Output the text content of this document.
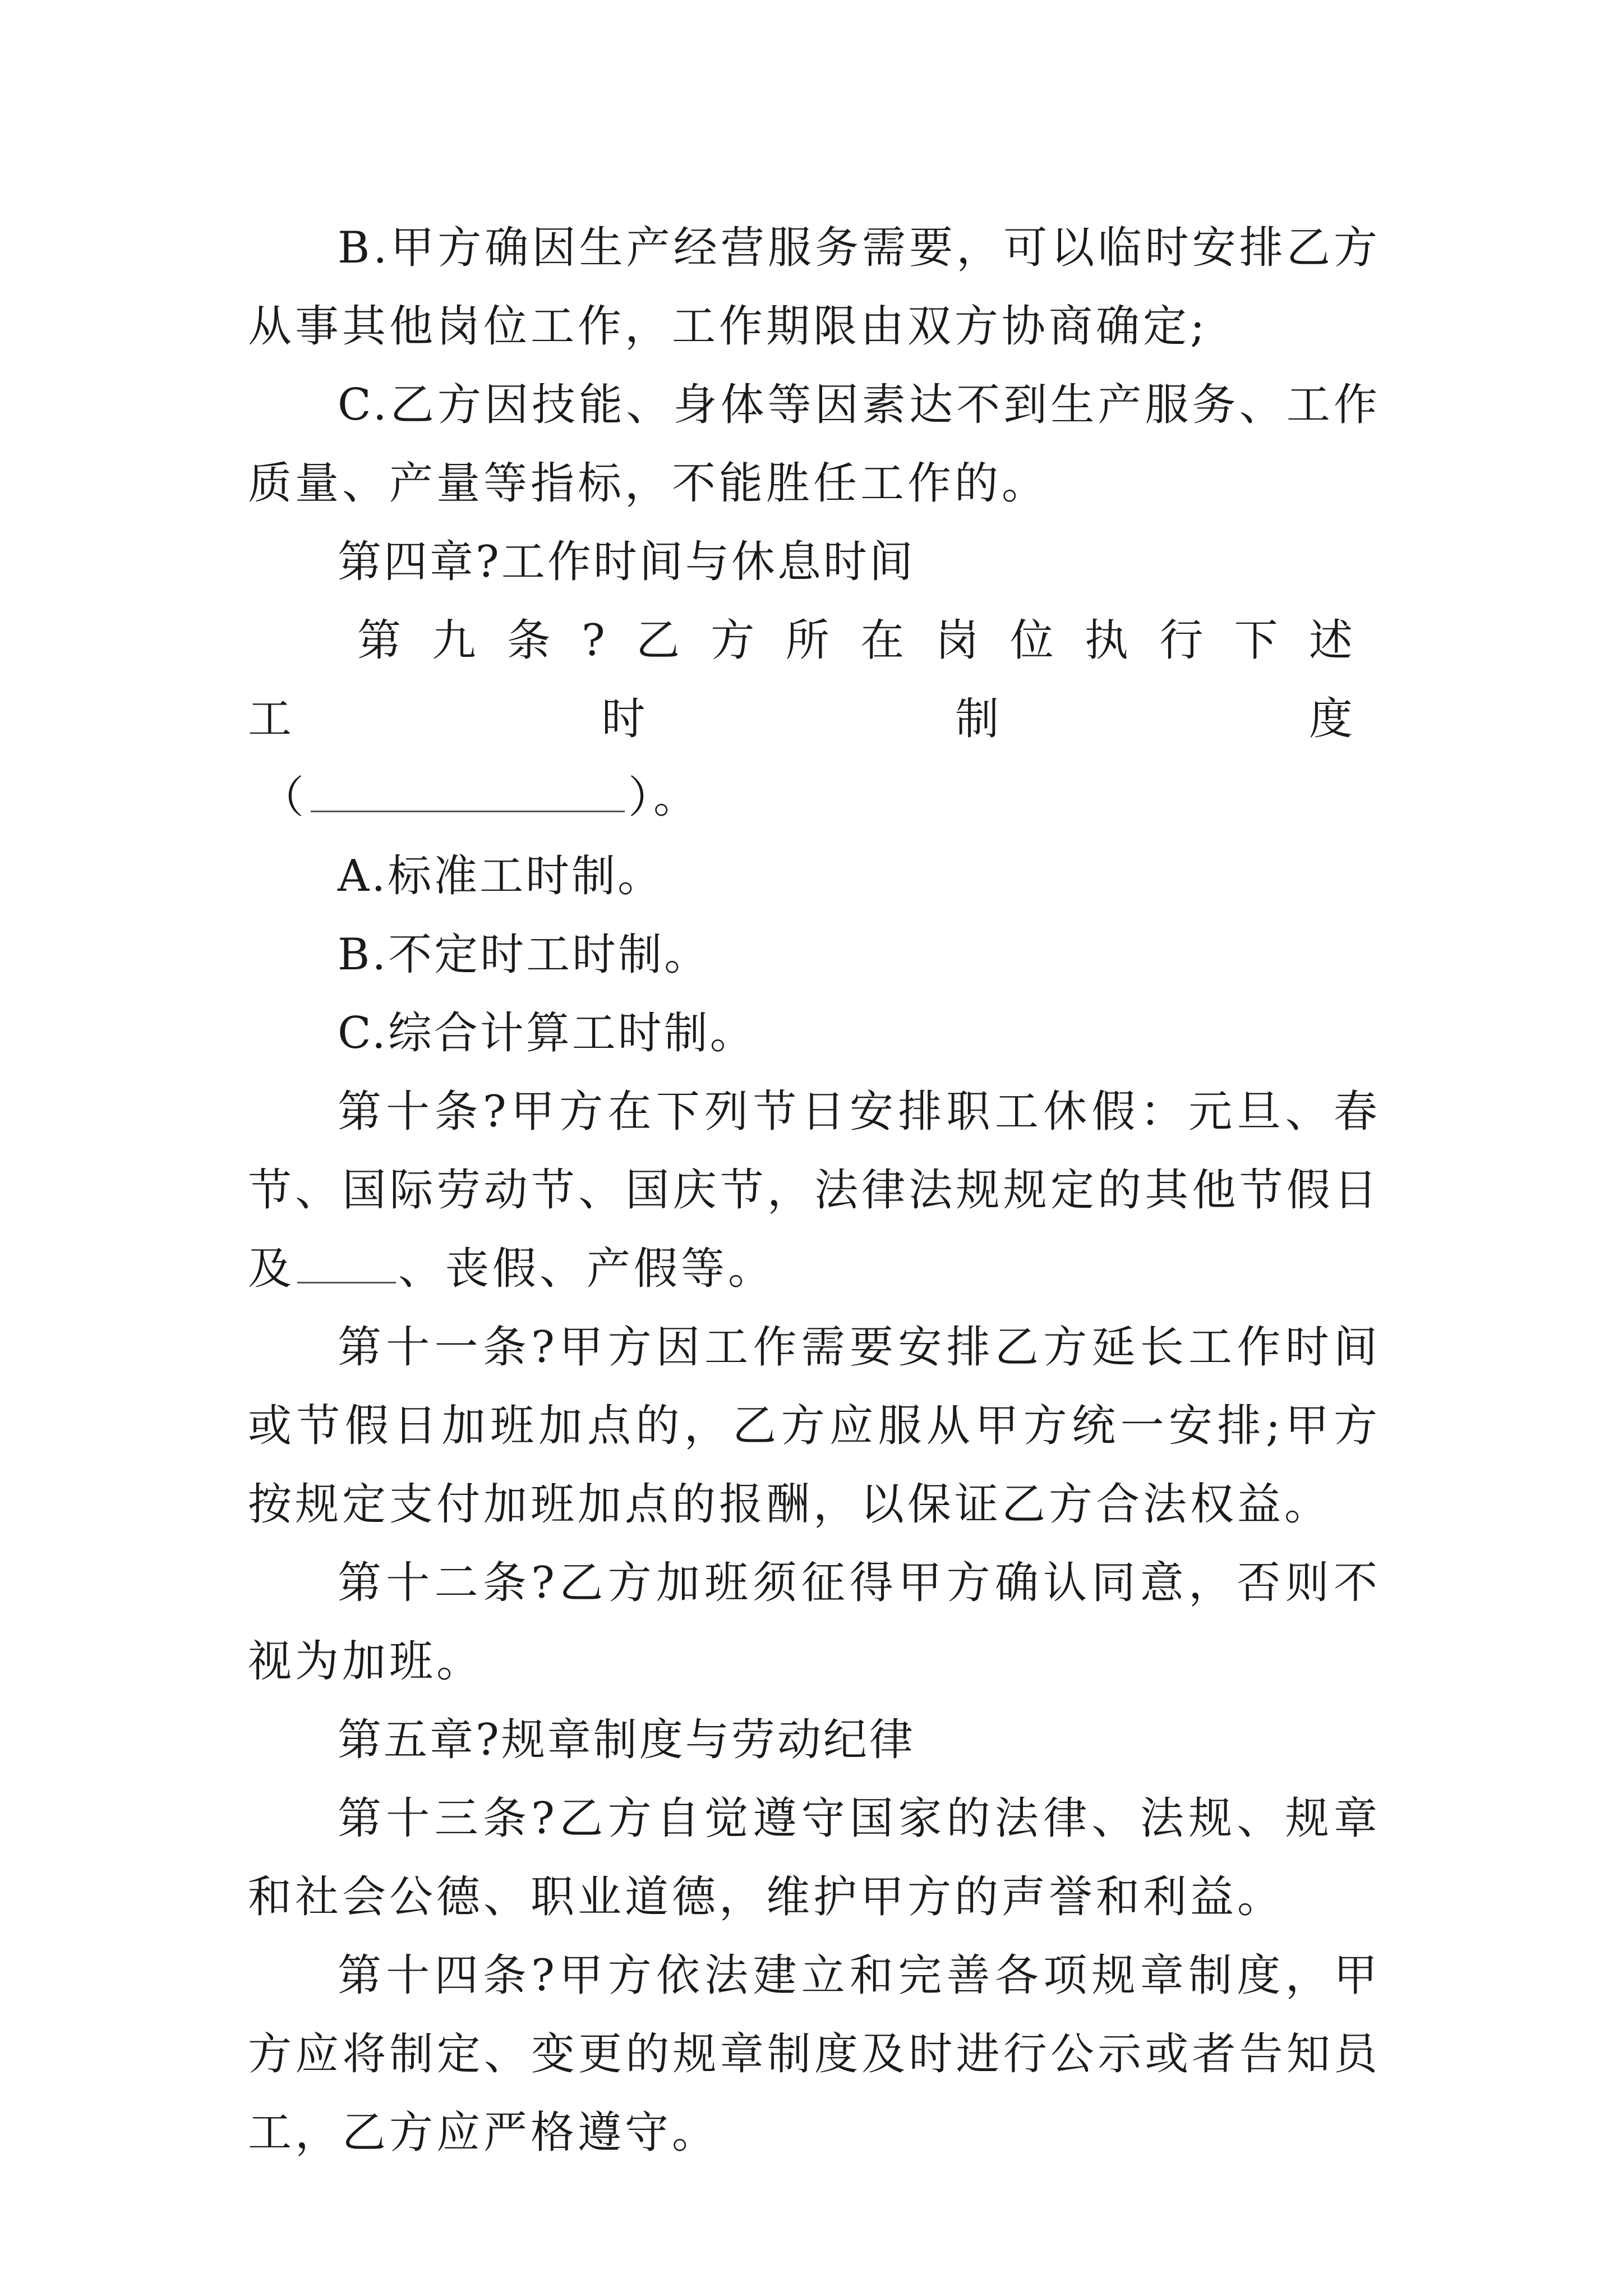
B.甲方确因生产经营服务需要，可以临时安排乙方从事其他岗位工作，工作期限由双方协商确定;

C.乙方因技能、身体等因素达不到生产服务、工作质量、产量等指标，不能胜任工作的。

第四章?工作时间与休息时间

第九条?乙方所在岗位执行下述工时制度

（	）。

A.标准工时制。

B.不定时工时制。

C.综合计算工时制。

第十条?甲方在下列节日安排职工休假：元旦、春节、国际劳动节、国庆节，法律法规规定的其他节假日及 、丧假、产假等。

第十一条?甲方因工作需要安排乙方延长工作时间或节假日加班加点的，乙方应服从甲方统一安排;甲方按规定支付加班加点的报酬，以保证乙方合法权益。

第十二条?乙方加班须征得甲方确认同意，否则不视为加班。

第五章?规章制度与劳动纪律

第十三条?乙方自觉遵守国家的法律、法规、规章和社会公德、职业道德，维护甲方的声誉和利益。

第十四条?甲方依法建立和完善各项规章制度，甲方应将制定、变更的规章制度及时进行公示或者告知员工，乙方应严格遵守。
